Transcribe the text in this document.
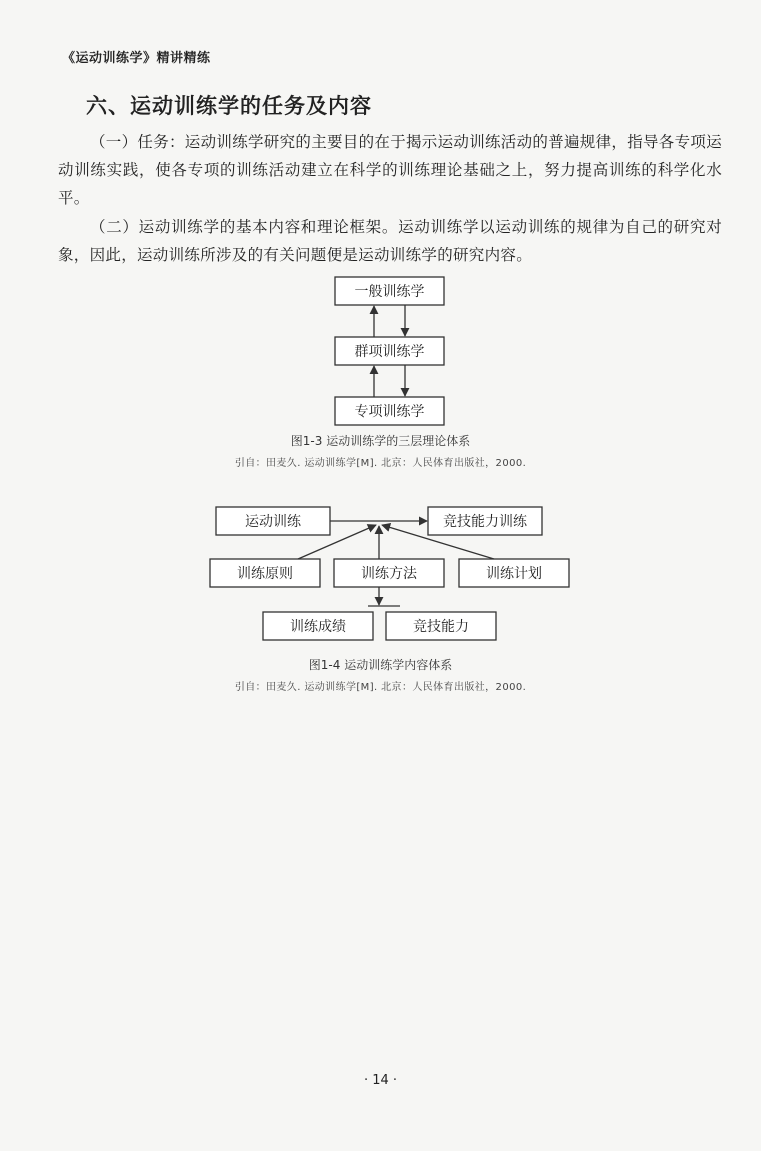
《运动训练学》精讲精练
六、运动训练学的任务及内容
（一）任务：运动训练学研究的主要目的在于揭示运动训练活动的普遍规律，指导各专项运动训练实践，使各专项的训练活动建立在科学的训练理论基础之上，努力提高训练的科学化水平。
（二）运动训练学的基本内容和理论框架。运动训练学以运动训练的规律为自己的研究对象，因此，运动训练所涉及的有关问题便是运动训练学的研究内容。
一般训练学
群项训练学
专项训练学
图1-3 运动训练学的三层理论体系
引自：田麦久. 运动训练学[M]. 北京：人民体育出版社，2000.
运动训练	竞技能力训练
训练原则	训练方法	训练计划
训练成绩	竞技能力
图1-4 运动训练学内容体系
引自：田麦久. 运动训练学[M]. 北京：人民体育出版社，2000.
· 14 ·
